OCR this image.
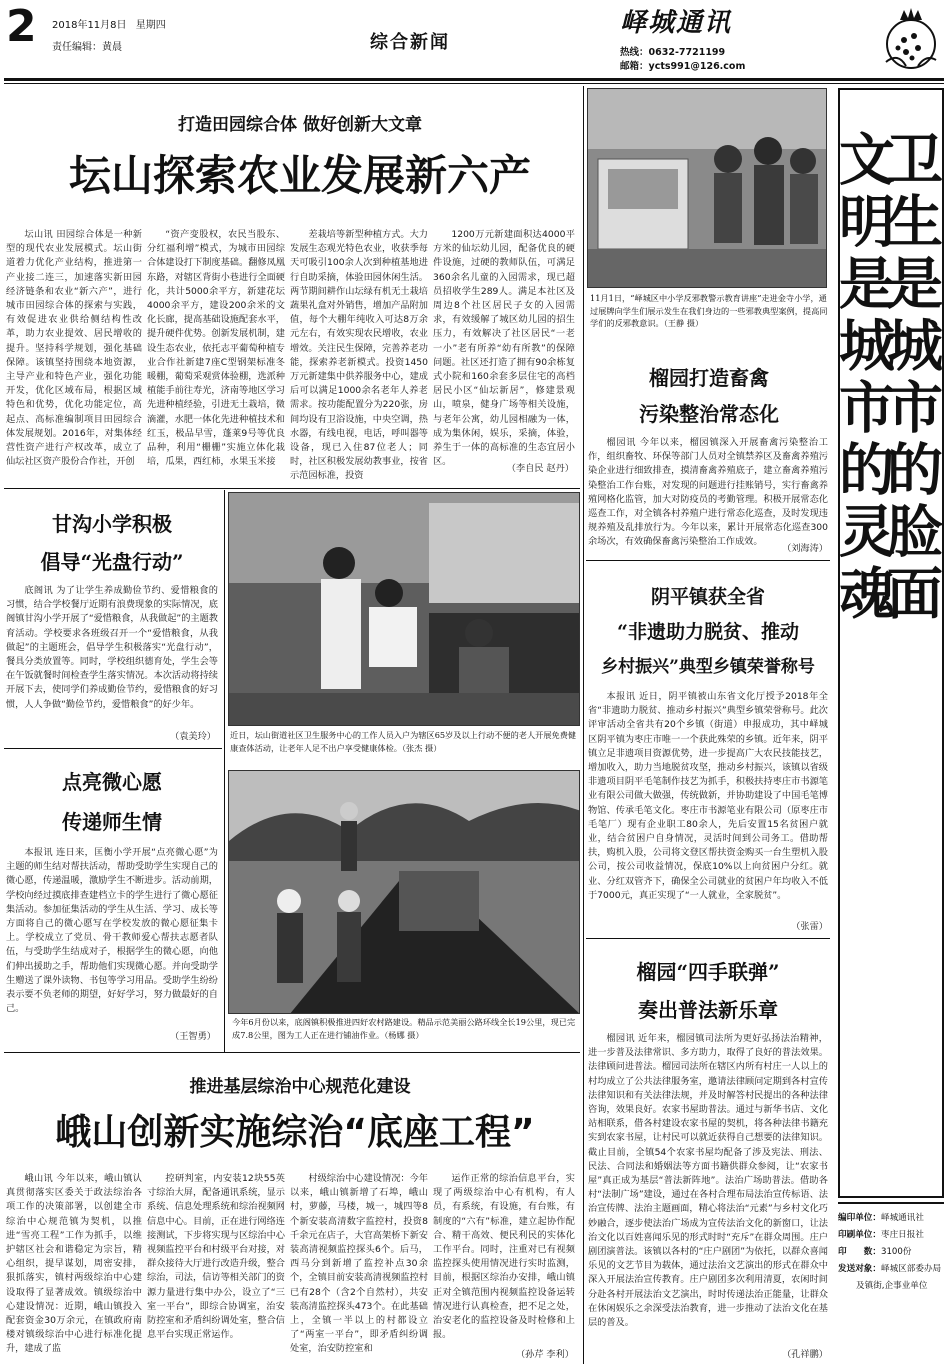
2 2018年11月8日 星期四
责任编辑：黄晨	综合新闻
峄城通讯
热线：0632-7721199
邮箱：ycts991@126.com
打造田园综合体 做好创新大文章
坛山探索农业发展新六产

坛山讯 田园综合体是一种新型的现代农业发展模式。坛山街道着力优化产业结构，推进第一产业接二连三，加速落实新田园经济链条和农业“新六产”，进行城市田园综合体的探索与实践，有效促进农业供给侧结构性改革，助力农业提效、居民增收的提升。坚持科学规划，强化基础保障。该镇坚持围绕本地资源，主导产业和特色产业，强化功能开发，优化区域布局，根据区域特色和优势，优化功能定位，高起点、高标准编制项目田园综合体发展规划。2016年，对集体经营性资产进行产权改革，成立了仙坛社区资产股份合作社，开创

“资产变股权，农民当股东、分红福利增”模式，为城市田园综合体建设打下制度基础。翻修凤凰东路，对辖区背街小巷进行全面硬化，共计5000余平方，新建花坛4000余平方，建设200余米的文化长廊，提高基础设施配套水平，提升硬件优势。创新发展机制，建设生态农业，依托志平葡萄种植专业合作社新建7座C型钢架标准冬暖棚，葡萄采观赏体验棚，选派种植能手前往寿光，济南等地区学习先进种植经验，引进无土栽培，微滴灌，水肥一体化先进种植技术和红玉，极品早雪，蓬莱9号等优良品种，利用“栅栅”实施立体化栽培，瓜果，西红柿，水果玉米接

差栽培等新型种植方式。大力发展生态观光特色农业，收获季每天可吸引100余人次到种植基地进行自助采摘，体验田园休闲生活。两节期间耕作山坛绿有机无土栽培蔬果礼盒对外销售，增加产品附加值，每个大棚年纯收入可达8万余元左右，有效实现农民增收，农业增效。关注民生保障，完善养老功能，探索养老新模式。投资1450万元新建集中供养服务中心，建成后可以满足1000余名老年人养老需求。按功能配置分为220张，房间均设有卫浴设施，中央空调，热水器，有线电视，电话，呼叫器等设备，现已入住87位老人；同时，社区积极发展幼教事业，按省示范园标准，投资

1200万元新建面积达4000平方米的仙坛幼儿园，配备优良的硬件设施，过硬的教师队伍，可满足360余名儿童的入园需求，现已超员招收学生289人。满足本社区及周边8个社区居民子女的入园需求，有效缓解了城区幼儿园的招生压力，有效解决了社区居民“一老一小”老有所养“幼有所教”的保障问题。社区还打造了拥有90余栋复式小院和160余套多层住宅的高档居民小区“仙坛新居”，修建景观山，喷泉，健身广场等相关设施，与老年公寓，幼儿园相融为一体，成为集休闲，娱乐，采摘，体验，养生于一体的高标准的生态宜居小区。

（李自民 赵丹）
11月1日，“峄城区中小学反邪教警示教育讲座”走进金寺小学，通过展牌向学生们展示发生在我们身边的一些邪教典型案例，提高同学们的反邪教意识。（王静 摄）
榴园打造畜禽
污染整治常态化

榴园讯 今年以来，榴园镇深入开展畜禽污染整治工作，组织畜牧、环保等部门人员对全镇禁养区及畜禽养殖污染企业进行细致排查，摸清畜禽养殖底子，建立畜禽养殖污染整治工作台账，对发现的问题进行挂账销号，实行畜禽养殖网格化监管，加大对防疫员的考勤管理。积极开展常态化巡查工作，对全镇各村养殖户进行常态化巡查，及时发现违规养殖及乱排放行为。今年以来，累计开展常态化巡查300余场次，有效确保畜禽污染整治工作成效。

（刘海涛）
甘沟小学积极
倡导“光盘行动”

底阁讯 为了让学生养成勤俭节约、爱惜粮食的习惯，结合学校餐厅近期有浪费现象的实际情况，底阁镇甘沟小学开展了“爱惜粮食，从我做起”的主题教育活动。学校要求各班级召开一个“爱惜粮食，从我做起”的主题班会，倡导学生积极落实“光盘行动”，餐具分类放置等。同时，学校组织德育处，学生会等在午饭就餐时间检查学生落实情况。本次活动将持续开展下去，使同学们养成勤俭节约，爱惜粮食的好习惯，人人争做“勤俭节约，爱惜粮食”的好少年。

（袁美玲） 近日，坛山街道社区卫生服务中心的工作人员入户为辖区65岁及以上行动不便的老人开展免费健康查体活动，让老年人足不出户享受健康体检。（张杰 摄）
点亮微心愿
传递师生情

本报讯 连日来，匡衡小学开展“点亮微心愿”为主题的师生结对帮扶活动，帮助受助学生实现自己的微心愿，传递温暖，激励学生不断进步。活动前期，学校向经过摸底排查建档立卡的学生进行了微心愿征集活动。参加征集活动的学生从生活、学习、成长等方面将自己的微心愿写在学校发放的微心愿征集卡上。学校成立了党员、骨干教师爱心帮扶志愿者队伍，与受助学生结成对子，根据学生的微心愿，向他们伸出援助之手，帮助他们实现微心愿。并向受助学生赠送了课外读物、书包等学习用品。受助学生纷纷表示要不负老师的期望，好好学习，努力做最好的自己。

（王智勇）
今年6月份以来，底阁镇积极推进四好农村路建设。精品示范美丽公路环线全长19公里，现已完成7.8公里，图为工人正在进行铺油作业。（杨娜 摄）
阴平镇获全省
“非遗助力脱贫、推动
乡村振兴”典型乡镇荣誉称号

本报讯 近日，阴平镇被山东省文化厅授予2018年全省“非遗助力脱贫、推动乡村振兴”典型乡镇荣誉称号。此次评审活动全省共有20个乡镇（街道）申报成功，其中峄城区阴平镇为枣庄市唯一一个获此殊荣的乡镇。近年来，阴平镇立足非遗项目资源优势，进一步提高广大农民技能技艺，增加收入，助力当地脱贫攻坚，推动乡村振兴，该镇以省级非遗项目阴平毛笔制作技艺为抓手，积极扶持枣庄市书源笔业有限公司做大做强，传统做新，并协助建设了中国毛笔博物馆、传承毛笔文化。枣庄市书源笔业有限公司（原枣庄市毛笔厂）现有企业职工80余人，先后安置15名贫困户就业，结合贫困户自身情况，灵活时间到公司务工。借助帮扶，购机入股，公司将文登区帮扶资金购买一台生塑机入股公司，按公司收益情况，保底10%以上向贫困户分红。就业、分红双管齐下，确保全公司就业的贫困户年均收入不低于7000元，真正实现了“一人就业，全家脱贫”。

（张雷）
榴园“四手联弹”
奏出普法新乐章

榴园讯 近年来，榴园镇司法所为更好弘扬法治精神，进一步普及法律常识、多方助力，取得了良好的普法效果。法律顾问进普法。榴园司法所在辖区内所有村庄一人以上的村均成立了公共法律服务室，邀请法律顾问定期到各村宣传法律知识和有关法律法规，并及时解答村民提出的各种法律咨询，效果良好。农家书屋助普法。通过与新华书店、文化站相联系，借各村建设农家书屋的契机，将各种法律书籍充实到农家书屋，让村民可以就近获得自己想要的法律知识。截止目前，全镇54个农家书屋均配备了涉及宪法、刑法、民法、合同法和婚姻法等方面书籍供群众参阅，让“农家书屋”真正成为基层“普法新阵地”。法治广场助普法。借助各村“法制广场”建设，通过在各村合理布局法治宣传标语、法治宣传牌、法治主题画面，精心将法治“元素”与乡村文化巧妙融合，逐步使法治广场成为宣传法治文化的新窗口，让法治文化以百姓喜闻乐见的形式时时“充斥”在群众周围。庄户剧团演普法。该镇以各村的“庄户剧团”为依托，以群众喜闻乐见的文艺节目为载体，通过法治文艺演出的形式在群众中深入开展法治宣传教育。庄户剧团多次利用清夏，农闲时间分赴各村开展法治文艺演出，时时传递法治正能量，让群众在休闲娱乐之余深受法治教育，进一步推动了法治文化在基层的普及。

（孔祥鹏）
推进基层综治中心规范化建设
峨山创新实施综治“底座工程”

峨山讯 今年以来，峨山镇认真贯彻落实区委关于政法综治各项工作的决策部署，以创建全市综治中心规范镇为契机，以推进“雪亮工程”工作为抓手，以维护辖区社会和谐稳定为宗旨，精心组织，提早谋划，周密安排，狠抓落实，镇村两级综治中心建设取得了显著成效。镇级综治中心建设情况：近期，峨山镇投入配套资金30万余元，在镇政府南楼对镇级综治中心进行标准化提升，建成了监

控研判室，内安装12块55英寸综治大屏，配备通讯系统，显示系统、信息处理系统和综治视频网信息中心。目前，正在进行网络连接测试，下步将实现与区综治中心视频监控平台和村级平台对接，对群众接待大厅进行改造升级，整合综治，司法，信访等相关部门的资源力量进行集中办公，设立了“三室一平台”，即综合协调室，治安防控室和矛盾纠纷调处室，整合信息平台实现正常运作。

村级综治中心建设情况：今年以来，峨山镇新增了石埠，峨山村，萝藤，马楼，城一，城四等8个新安装高清数字监控村，投资8千余元在店子，大官高架桥下新安装高清视频监控探头6个。后马，西马分到新增了监控补点30余个，全镇目前安装高清视频监控村已有28个（含2个自然村），共安装高清监控探头473个。在此基础上，全镇一半以上的村都设立了“两室一平台”，即矛盾纠纷调处室，治安防控室和

运作正常的综治信息平台，实现了两级综治中心有机构，有人员，有系统，有设施，有台账，有制度的“六有”标准，建立起协作配合、精干高效、便民利民的实体化工作平台。同时，注重对已有视频监控探头使用情况进行实时监测，目前，根据区综治办安排，峨山镇正对全镇范围内视频监控设备运转情况进行认真检查，把不足之处，治安老化的监控设备及时检修和上报。

（孙芹 李利）
卫生是城市的脸面
文明是城市的灵魂
编印单位：峄城通讯社
印刷单位：枣庄日报社
印　　数：3100份
发送对象：峄城区部委办局
及镇街,企事业单位
